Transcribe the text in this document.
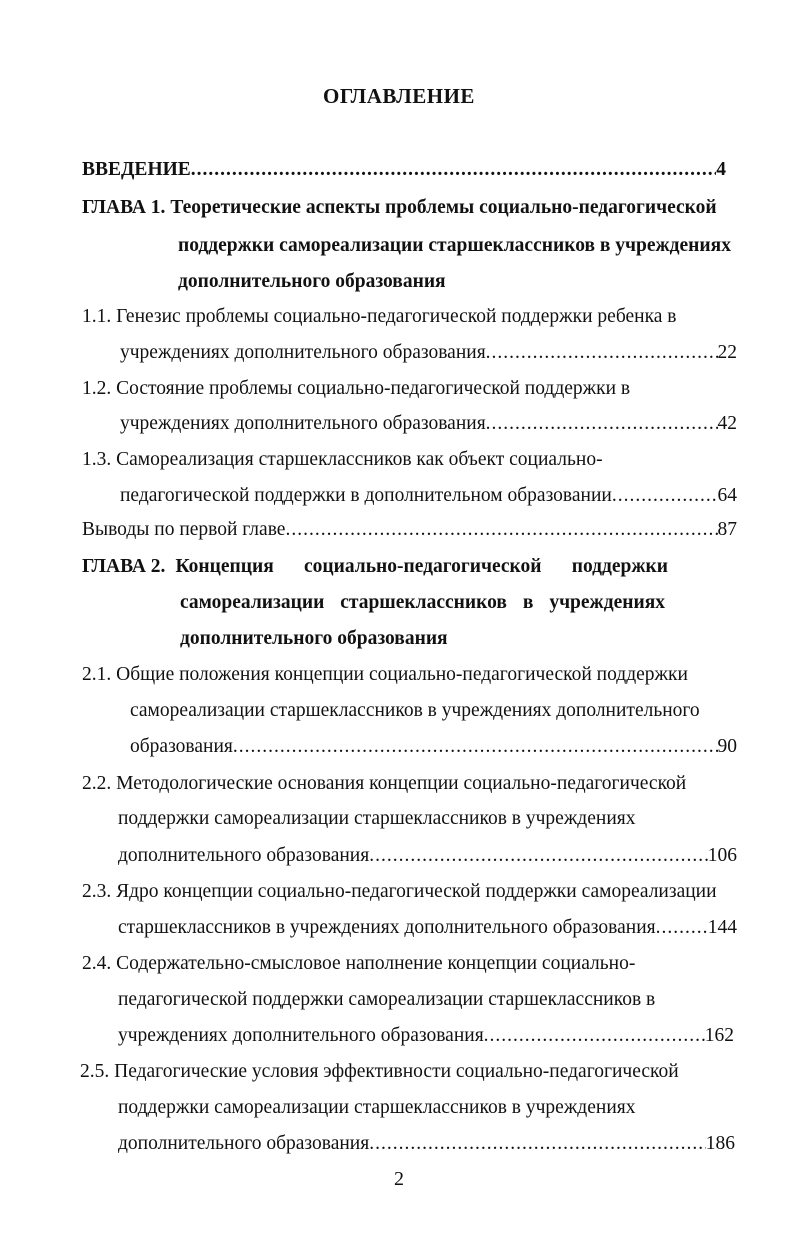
ОГЛАВЛЕНИЕ
ВВЕДЕНИЕ .....	4
ГЛАВА 1. Теоретические аспекты проблемы социально-педагогической
поддержки самореализации старшеклассников в учреждениях
дополнительного образования
1.1. Генезис проблемы социально-педагогической поддержки ребенка в
учреждениях дополнительного образования .....	22
1.2. Состояние проблемы социально-педагогической поддержки в
учреждениях дополнительного образования .....	42
1.3. Самореализация старшеклассников как объект социально-
педагогической поддержки в дополнительном образовании .....	64
Выводы по первой главе .....	87
ГЛАВА 2. Концепция социально-педагогической поддержки
самореализации старшеклассников в учреждениях
дополнительного образования
2.1. Общие положения концепции социально-педагогической поддержки
самореализации старшеклассников в учреждениях дополнительного
образования .....	90
2.2. Методологические основания концепции социально-педагогической
поддержки самореализации старшеклассников в учреждениях
дополнительного образования .....	106
2.3. Ядро концепции социально-педагогической поддержки самореализации
старшеклассников в учреждениях дополнительного образования .....	144
2.4. Содержательно-смысловое наполнение концепции социально-
педагогической поддержки самореализации старшеклассников в
учреждениях дополнительного образования .....	162
2.5. Педагогические условия эффективности социально-педагогической
поддержки самореализации старшеклассников в учреждениях
дополнительного образования .....	186
2
